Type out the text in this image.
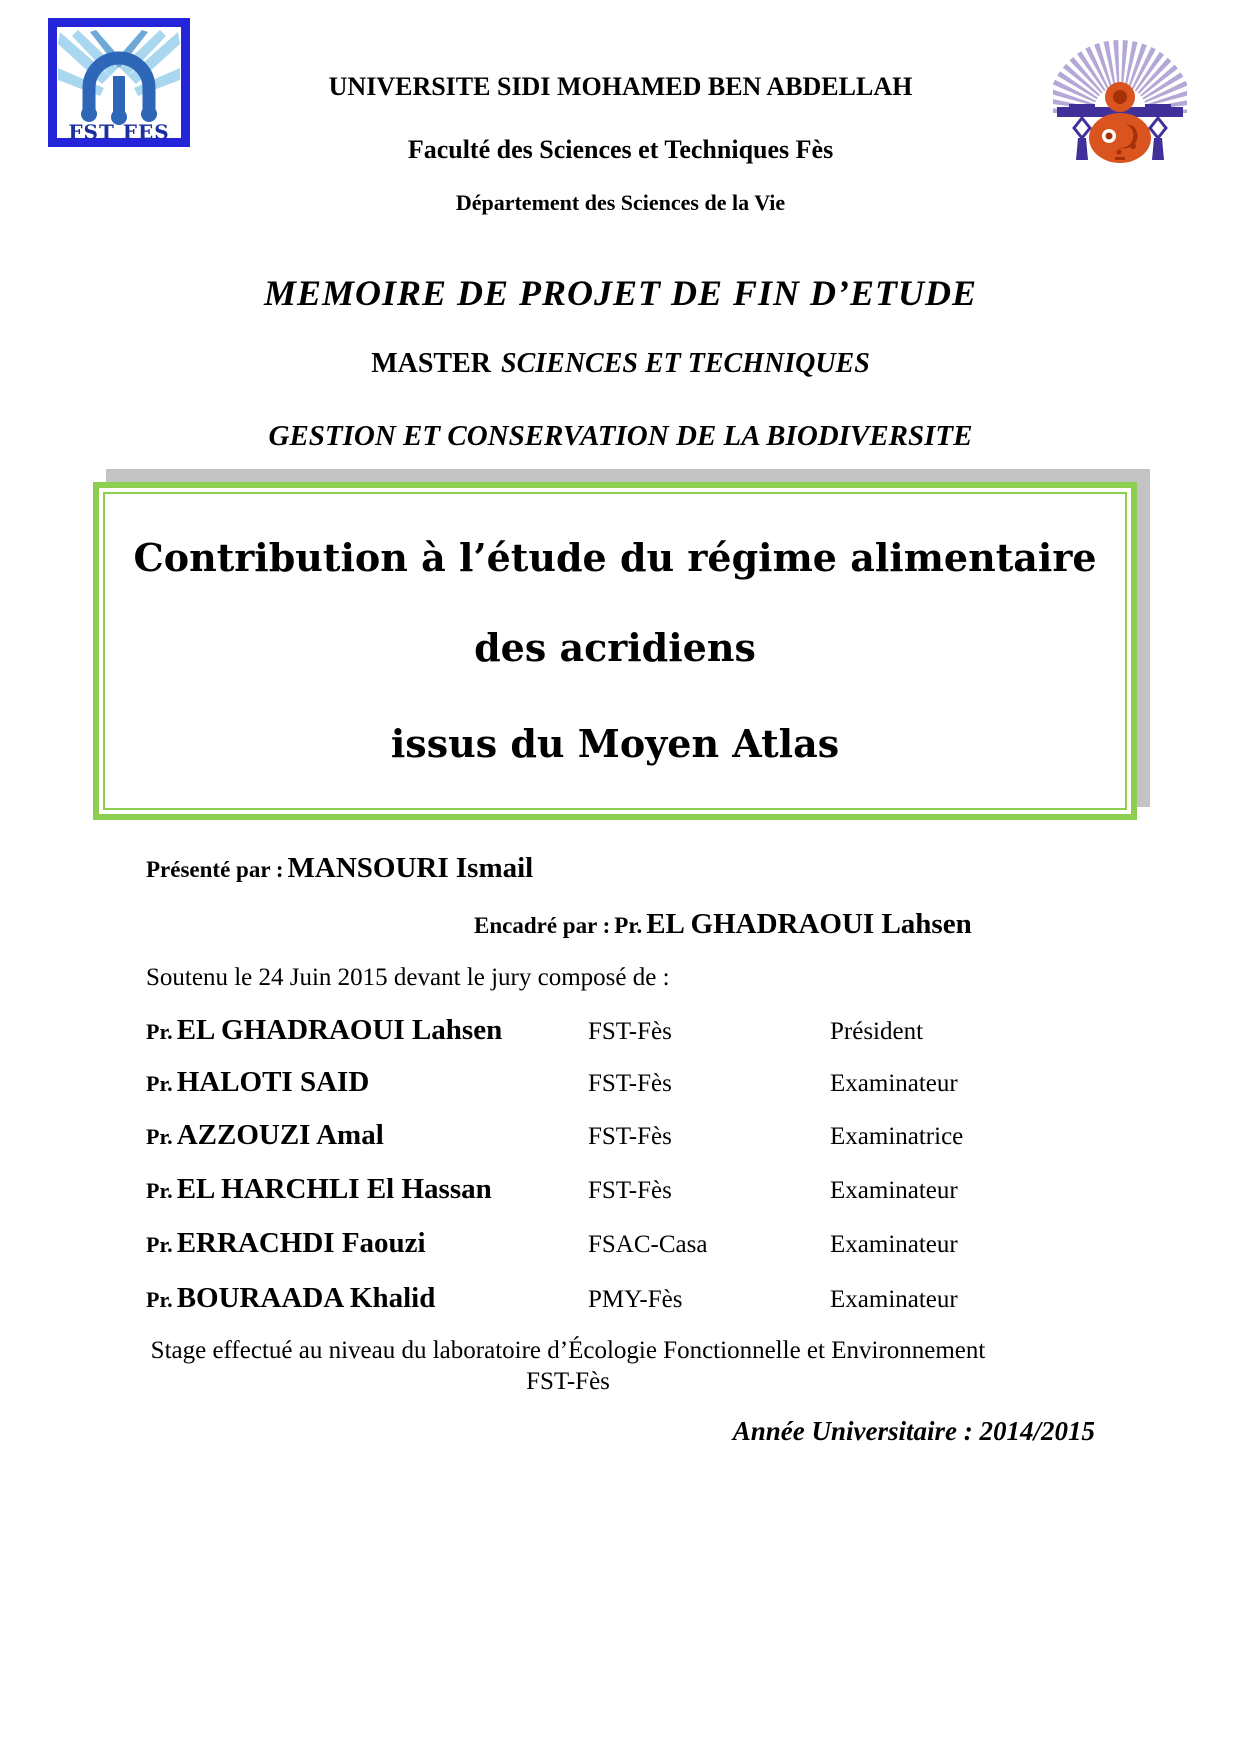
FST FES
UNIVERSITE SIDI MOHAMED BEN ABDELLAH
Faculté des Sciences et Techniques Fès
Département des Sciences de la Vie
MEMOIRE DE PROJET DE FIN D’ETUDE
MASTER SCIENCES ET TECHNIQUES
GESTION ET CONSERVATION DE LA BIODIVERSITE
Contribution à l’étude du régime alimentaire
des acridiens
issus du Moyen Atlas
Présenté par : MANSOURI Ismail
Encadré par : Pr. EL GHADRAOUI Lahsen
Soutenu le 24 Juin 2015 devant le jury composé de :
Pr. EL GHADRAOUI Lahsen	FST-Fès	Président
Pr. HALOTI SAID	FST-Fès	Examinateur
Pr. AZZOUZI Amal	FST-Fès	Examinatrice
Pr. EL HARCHLI El Hassan	FST-Fès	Examinateur
Pr. ERRACHDI Faouzi	FSAC-Casa	Examinateur
Pr. BOURAADA Khalid	PMY-Fès	Examinateur
Stage effectué au niveau du laboratoire d’Écologie Fonctionnelle et Environnement
FST-Fès
Année Universitaire : 2014/2015
